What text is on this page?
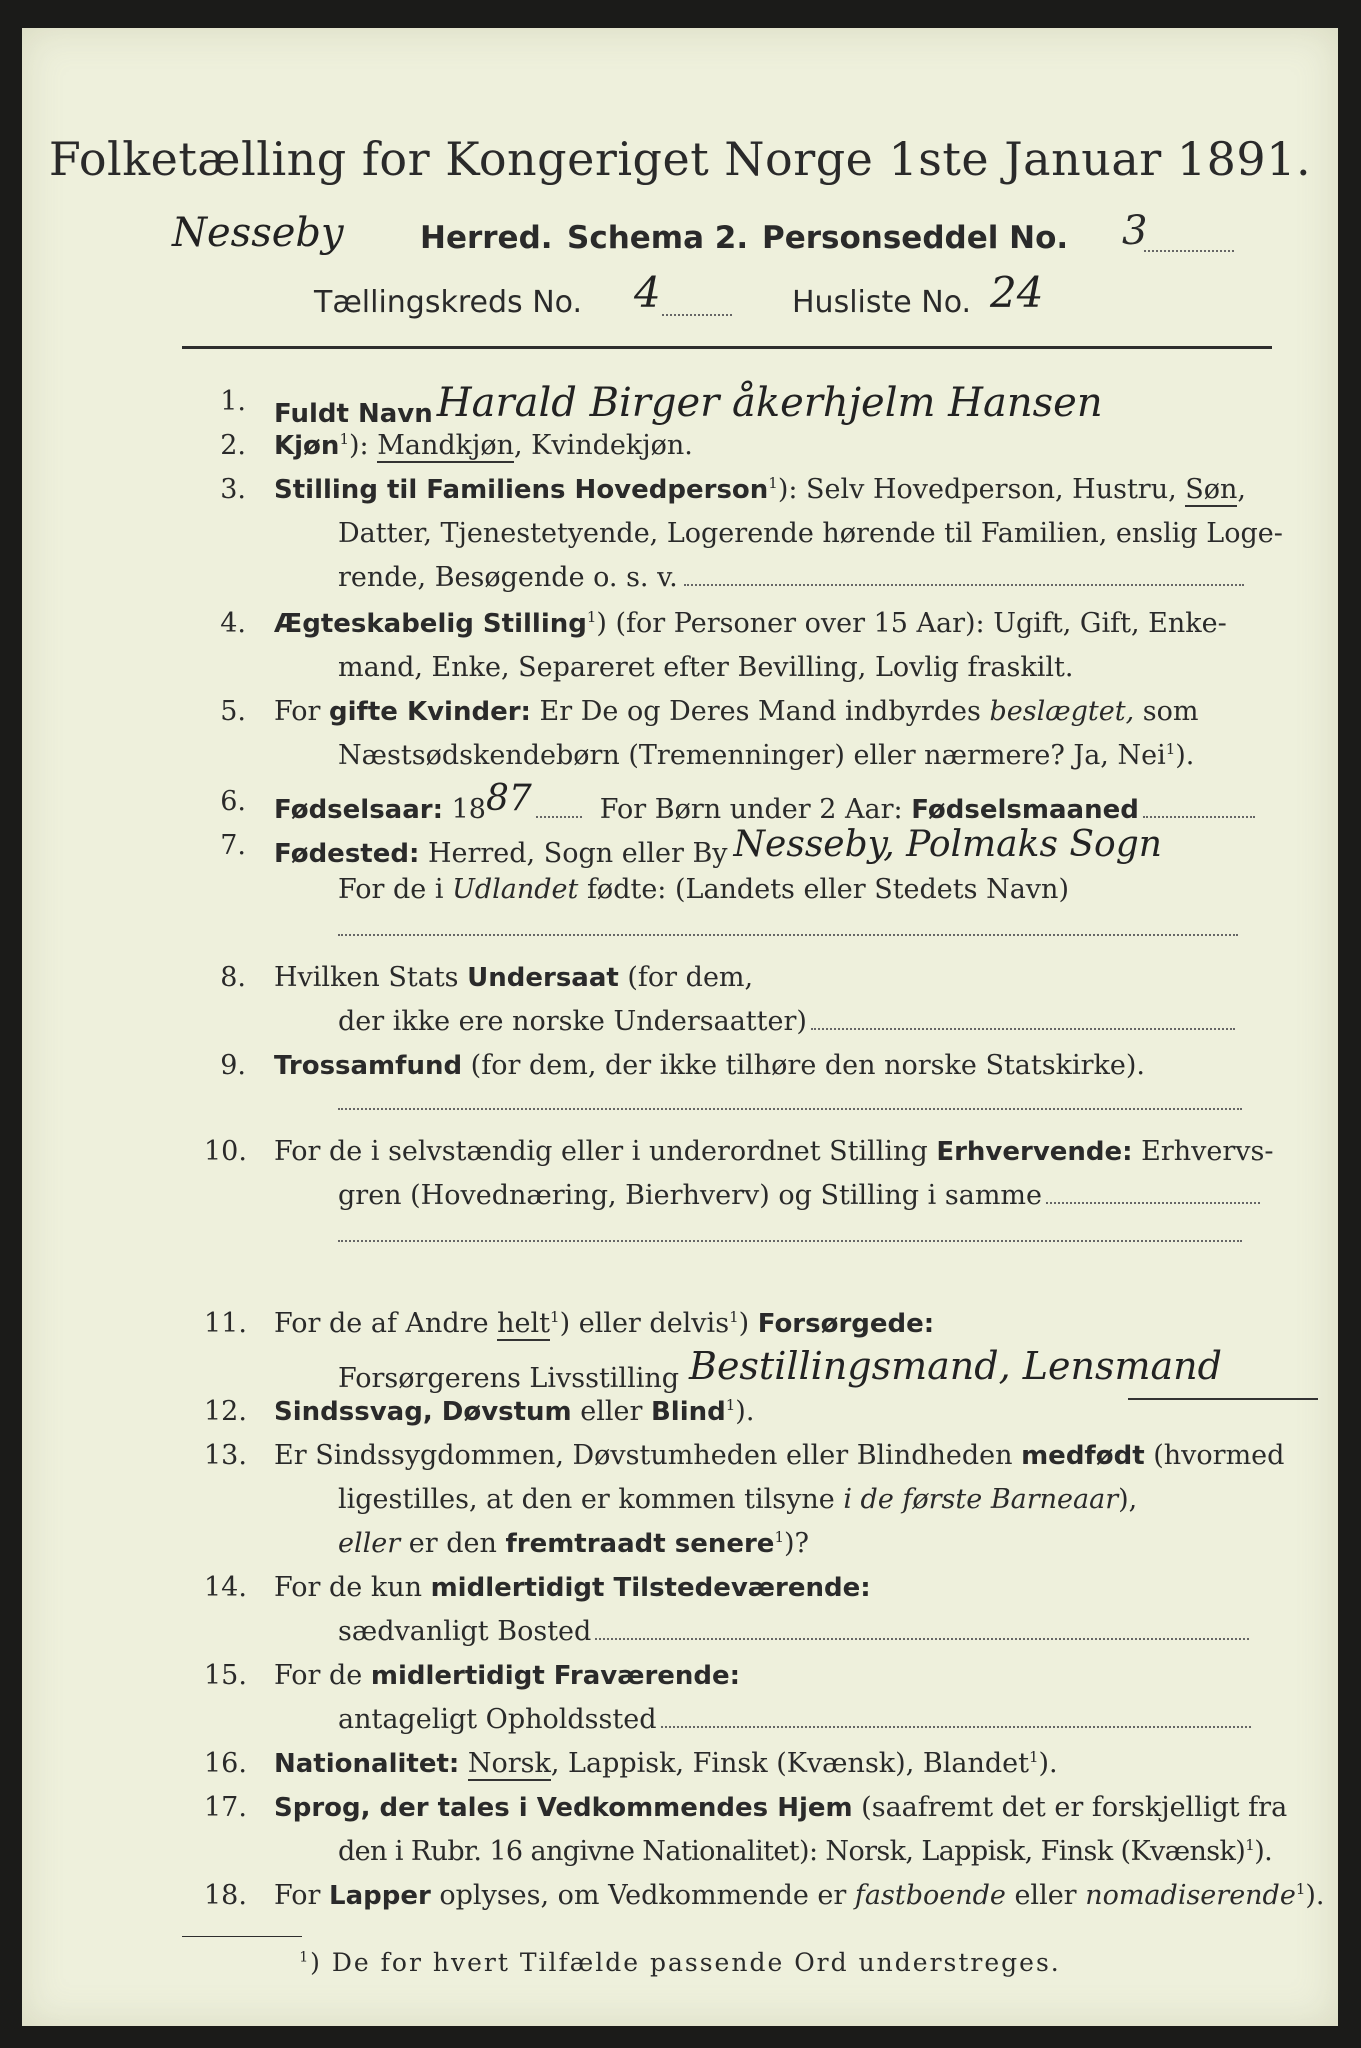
Folketælling for Kongeriget Norge 1ste Januar 1891.
Nesseby Herred. Schema 2. Personseddel No. 3
Tællingskreds No. 4	Husliste No. 24
1. Fuldt Navn Harald Birger åkerhjelm Hansen
2. Kjøn$^1$): Mandkjøn, Kvindekjøn.
3. Stilling til Familiens Hovedperson$^1$): Selv Hovedperson, Hustru, Søn,
Datter, Tjenestetyende, Logerende hørende til Familien, enslig Loge-
rende, Besøgende o. s. v.
4. Ægteskabelig Stilling$^1$) (for Personer over 15 Aar): Ugift, Gift, Enke-
mand, Enke, Separeret efter Bevilling, Lovlig fraskilt.
5. For gifte Kvinder: Er De og Deres Mand indbyrdes beslægtet, som
Næstsødskendebørn (Tremenninger) eller nærmere? Ja, Nei$^1$).
6. Fødselsaar: 1887	For Børn under 2 Aar: Fødselsmaaned
7. Fødested: Herred, Sogn eller By Nesseby, Polmaks Sogn
For de i Udlandet fødte: (Landets eller Stedets Navn)
8. Hvilken Stats Undersaat (for dem,
der ikke ere norske Undersaatter)
9. Trossamfund (for dem, der ikke tilhøre den norske Statskirke).
10. For de i selvstændig eller i underordnet Stilling Erhvervende: Erhvervs-
gren (Hovednæring, Bierhverv) og Stilling i samme
11. For de af Andre helt$^1$) eller delvis$^1$) Forsørgede:
Forsørgerens Livsstilling Bestillingsmand, Lensmand
12. Sindssvag, Døvstum eller Blind$^1$).
13. Er Sindssygdommen, Døvstumheden eller Blindheden medfødt (hvormed
ligestilles, at den er kommen tilsyne i de første Barneaar),
eller er den fremtraadt senere$^1$)?
14. For de kun midlertidigt Tilstedeværende:
sædvanligt Bosted
15. For de midlertidigt Fraværende:
antageligt Opholdssted
16. Nationalitet: Norsk, Lappisk, Finsk (Kvænsk), Blandet$^1$).
17. Sprog, der tales i Vedkommendes Hjem (saafremt det er forskjelligt fra
den i Rubr. 16 angivne Nationalitet): Norsk, Lappisk, Finsk (Kvænsk)$^1$).
18. For Lapper oplyses, om Vedkommende er fastboende eller nomadiserende$^1$).
$^1$) De for hvert Tilfælde passende Ord understreges.
